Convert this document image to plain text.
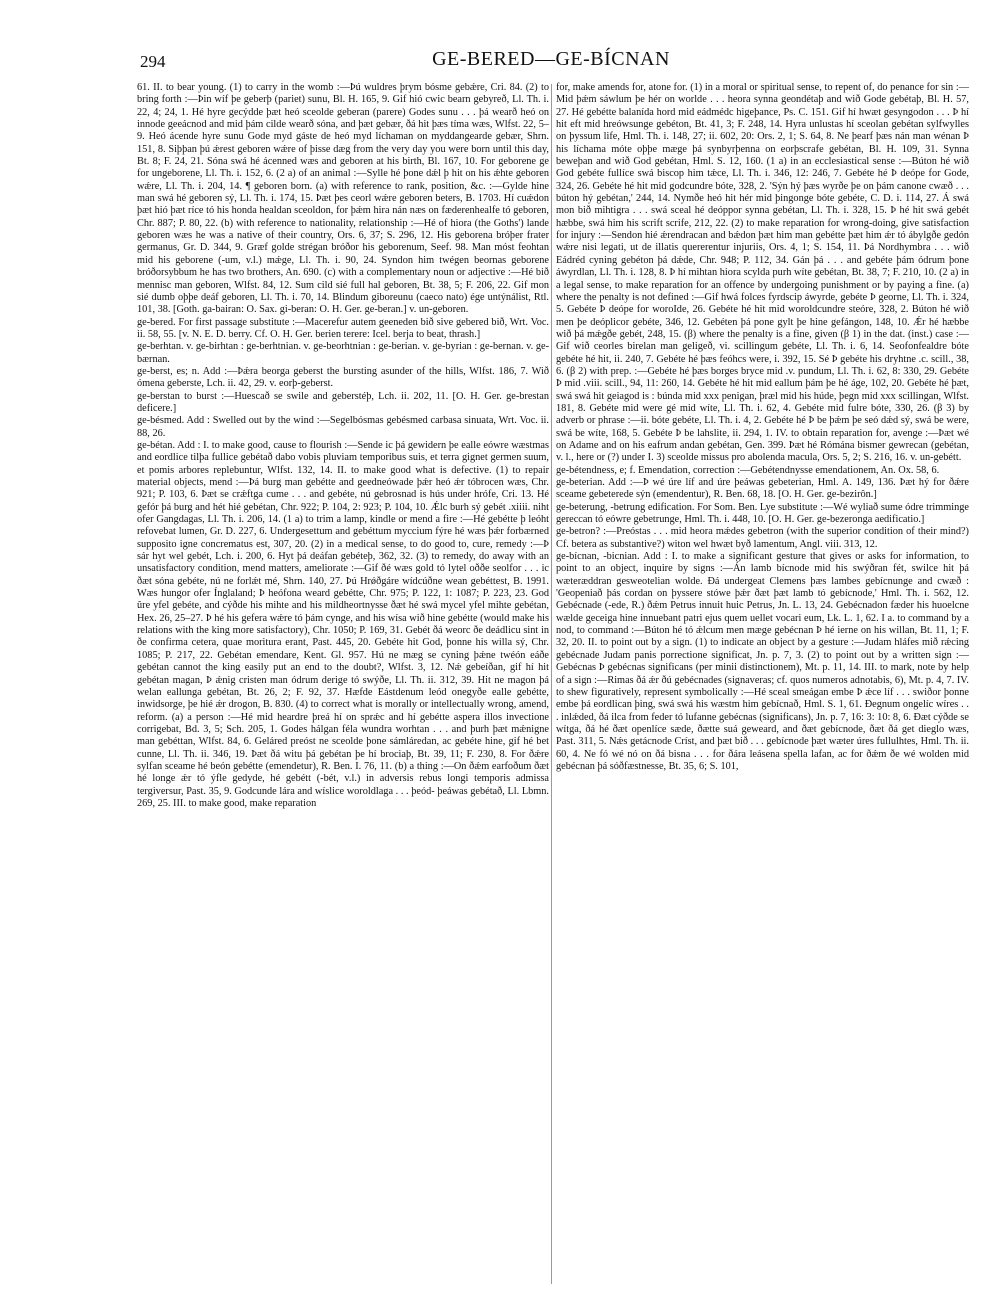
294	GE-BERED—GE-BÍCNAN

61. II. to bear young. (1) to carry in the womb :—Þú wuldres þrym bósme gebǽre, Cri. 84. (2) to bring forth :—Þin wíf þe geberþ (pariet) sunu, Bl. H. 165, 9. Gif hió cwic bearn gebyreð, Ll. Th. i. 22, 4; 24, 1. Hé hyre gecýdde þæt heó sceolde geberan (parere) Godes sunu . . . þá wearð heó on innode geeácnod and mid þám cilde wearð sóna, and þæt gebær, ðá hit þæs tíma wæs, Wlfst. 22, 5–9. Heó ácende hyre sunu Gode myd gáste de heó myd líchaman on myddangearde gebær, Shrn. 151, 8. Siþþan þú ǽrest geboren wǽre of þisse dæg from the very day you were born until this day, Bt. 8; F. 24, 21. Sóna swá hé ácenned wæs and geboren at his birth, Bl. 167, 10. For geborene ge for ungeborene, Ll. Th. i. 152, 6. (2 a) of an animal :—Sylle hé þone dǽl þ hit on his ǽhte geboren wǽre, Ll. Th. i. 204, 14. ¶ geboren born. (a) with reference to rank, position, &c. :—Gylde hine man swá hé geboren sý, Ll. Th. i. 174, 15. Þæt þes ceorl wǽre geboren beters, B. 1703. Hí cuǽdon þæt hió þæt ríce tó his honda healdan sceoldon, for þǽm hira nán næs on fæderenhealfe tó geboren, Chr. 887; P. 80, 22. (b) with reference to nationality, relationship :—Hé of hiora (the Goths') lande geboren wæs he was a native of their country, Ors. 6, 37; S. 296, 12. His geborena bróþer frater germanus, Gr. D. 344, 9. Græf golde strégan bróðor his geborenum, Seef. 98. Man móst feohtan mid his geborene (-um, v.l.) mǽge, Ll. Th. i. 90, 24. Syndon him twégen beornas geborene bróðorsybbum he has two brothers, An. 690. (c) with a complementary noun or adjective :—Hé bið mennisc man geboren, Wlfst. 84, 12. Sum cild sié full hal geboren, Bt. 38, 5; F. 206, 22. Gif mon sié dumb oþþe deáf geboren, Ll. Th. i. 70, 14. Blindum giboreunu (caeco nato) ége untýnálist, Rtl. 101, 38. [Goth. ga-bairan: O. Sax. gi-beran: O. H. Ger. ge-beran.] v. un-geboren.

ge-bered. For first passage substitute :—Macerefur autem geeneden bið sive gebered bið, Wrt. Voc. ii. 58, 55. [v. N. E. D. berry. Cf. O. H. Ger. berien terere: Icel. berja to beat, thrash.]

ge-berhtan. v. ge-birhtan : ge-berhtnian. v. ge-beorhtnian : ge-berian. v. ge-byrian : ge-bernan. v. ge-bærnan.

ge-berst, es; n. Add :—Þǽra beorga geberst the bursting asunder of the hills, Wlfst. 186, 7. Wið ómena geberste, Lch. ii. 42, 29. v. eorþ-geberst.

ge-berstan to burst :—Huescað se swile and geberstéþ, Lch. ii. 202, 11. [O. H. Ger. ge-brestan deficere.]

ge-bésmed. Add : Swelled out by the wind :—Segelbósmas gebésmed carbasa sinuata, Wrt. Voc. ii. 88, 26.

ge-bétan. Add : I. to make good, cause to flourish :—Sende ic þá gewidern þe ealle eówre wæstmas and eordlice tilþa fullice gebétað dabo vobis pluviam temporibus suis, et terra gignet germen suum, et pomis arbores replebuntur, Wlfst. 132, 14. II. to make good what is defective. (1) to repair material objects, mend :—Þá burg man gebétte and geedneówade þǽr heó ǽr tóbrocen wæs, Chr. 921; P. 103, 6. Þæt se crǽftga cume . . . and gebéte, nú gebrosnad is hús under hrófe, Cri. 13. Hé gefór þá burg and hét hié gebétan, Chr. 922; P. 104, 2: 923; P. 104, 10. Ǽlc burh sý gebét .xiiii. niht ofer Gangdagas, Ll. Th. i. 206, 14. (1 a) to trim a lamp, kindle or mend a fire :—Hé gebétte þ leóht refovebat lumen, Gr. D. 227, 6. Undergesettum and gebéttum myccium fýre hé wæs þǽr forbærned supposito igne concrematus est, 307, 20. (2) in a medical sense, to do good to, cure, remedy :—Þ sár hyt wel gebét, Lch. i. 200, 6. Hyt þá deáfan gebéteþ, 362, 32. (3) to remedy, do away with an unsatisfactory condition, mend matters, ameliorate :—Gif ðé wæs gold tó lytel oððe seolfor . . . ic ðæt sóna gebéte, nú ne forlǽt mé, Shrn. 140, 27. Þú Hrǿðgáre wídcúðne wean gebéttest, B. 1991. Wæs hungor ofer Ínglaland; Þ heófona weard gebétte, Chr. 975; P. 122, 1: 1087; P. 223, 23. God ûre yfel gebéte, and cýðde his mihte and his mildheortnysse ðæt hé swá mycel yfel mihte gebétan, Hex. 26, 25–27. Þ hé his gefera wǽre tó þám cynge, and his wísa wið hine gebétte (would make his relations with the king more satisfactory), Chr. 1050; P. 169, 31. Gebét ðá weorc ðe deádlicu sint in ðe confirma cetera, quae moritura erant, Past. 445, 20. Gebéte hit God, þonne his willa sý, Chr. 1085; P. 217, 22. Gebétan emendare, Kent. Gl. 957. Hú ne mæg se cyning þǽne twéón eáðe gebétan cannot the king easily put an end to the doubt?, Wlfst. 3, 12. Nǽ gebeíðan, gif hí hit gebétan magan, Þ ǽnig cristen man ódrum derige tó swýðe, Ll. Th. ii. 312, 39. Hit ne magon þá welan eallunga gebétan, Bt. 26, 2; F. 92, 37. Hæfde Eástdenum leód onegyðe ealle gebétte, inwidsorge, þe hié ǽr drogon, B. 830. (4) to correct what is morally or intellectually wrong, amend, reform. (a) a person :—Hé mid heardre þreá hí on sprǽc and hí gebétte aspera illos invectione corrigebat, Bd. 3, 5; Sch. 205, 1. Godes hálgan féla wundra worhtan . . . and þurh þæt mǽnigne man gebéttan, Wlfst. 84, 6. Geláred preóst ne sceolde þone sámláredan, ac gebéte hine, gif hé bet cunne, Ll. Th. ii. 346, 19. Þæt ðá witu þá gebétan þe hí brociaþ, Bt. 39, 11; F. 230, 8. For ðǽre sylfan sceame hé beón gebétte (emendetur), R. Ben. I. 76, 11. (b) a thing :—On ðǽm earfoðum ðæt hé longe ǽr tó ýfle gedyde, hé gebétt (-bét, v.l.) in adversis rebus longi temporis admissa tergiversur, Past. 35, 9. Godcunde lára and wíslice woroldlaga . . . þeód- þeáwas gebétað, Ll. Lbmn. 269, 25. III. to make good, make reparation

for, make amends for, atone for. (1) in a moral or spiritual sense, to repent of, do penance for sin :—Mid þǽm sáwlum þe hér on worlde . . . heora synna geondétaþ and wið Gode gebétaþ, Bl. H. 57, 27. Hé gebétte balanída hord mid eádmédc higeþance, Ps. C. 151. Gif hí hwæt gesyngodon . . . Þ hí hit eft mid hreówsunge gebéton, Bt. 41, 3; F. 248, 14. Hyra unlustas hí sceolan gebétan sylfwylles on þyssum life, Hml. Th. i. 148, 27; ii. 602, 20: Ors. 2, 1; S. 64, 8. Ne þearf þæs nán man wénan Þ his líchama móte oþþe mæge þá synbyrþenna on eorþscrafe gebétan, Bl. H. 109, 31. Synna beweþan and wið God gebétan, Hml. S. 12, 160. (1 a) in an ecclesiastical sense :—Búton hé wið God gebéte fullíce swá biscop him tǽce, Ll. Th. i. 346, 12: 246, 7. Gebéte hé Þ deópe for Gode, 324, 26. Gebéte hé hit mid godcundre bóte, 328, 2. 'Sýn hý þæs wyrðe þe on þám canone cwæð . . . búton hý gebétan,' 244, 14. Nymðe heó hit hér mid þingonge bóte gebéte, C. D. i. 114, 27. Á swá mon bið mihtigra . . . swá sceal hé deóppor synna gebétan, Ll. Th. i. 328, 15. Þ hé hit swá gebét hæbbe, swá him his scrift scrife, 212, 22. (2) to make reparation for wrong-doing, give satisfaction for injury :—Sendon hié ǽrendracan and bǽdon þæt him man gebétte þæt him ǽr tó ábylgðe gedón wǽre nisi legati, ut de illatis quererentur injuriis, Ors. 4, 1; S. 154, 11. Þá Nordhymbra . . . wið Eádréd cyning gebéton þá dǽde, Chr. 948; P. 112, 34. Gán þá . . . and gebéte þám ódrum þone áwyrdlan, Ll. Th. i. 128, 8. Þ hí mihtan hiora scylda purh wíte gebétan, Bt. 38, 7; F. 210, 10. (2 a) in a legal sense, to make reparation for an offence by undergoing punishment or by paying a fine. (a) where the penalty is not defined :—Gif hwá folces fyrdscip áwyrde, gebéte Þ georne, Ll. Th. i. 324, 5. Gebéte Þ deópe for woroIde, 26. Gebéte hé hit mid woroldcundre steóre, 328, 2. Búton hé wið men þe deóplicor gebéte, 346, 12. Gebéten þá pone gylt þe hine gefángon, 148, 10. Ǽr hé hæbbe wið þá mǽgðe gebét, 248, 15. (β) where the penalty is a fine, given (β 1) in the dat. (inst.) case :—Gif wið ceorles birelan man geligeð, vi. scillingum gebéte, Ll. Th. i. 6, 14. Seofonfealdre bóte gebéte hé hit, ii. 240, 7. Gebéte hé þæs feóhcs were, i. 392, 15. Sé Þ gebéte his dryhtne .c. scill., 38, 6. (β 2) with prep. :—Gebéte hé þæs borges bryce mid .v. pundum, Ll. Th. i. 62, 8: 330, 29. Gebéte Þ mid .viii. scill., 94, 11: 260, 14. Gebéte hé hit mid eallum þám þe hé áge, 102, 20. Gebéte hé þæt, swá swá hit geiagod is : búnda mid xxx penigan, þræl mid his húde, þegn mid xxx scillingan, Wlfst. 181, 8. Gebéte mid were gé mid wíte, Ll. Th. i. 62, 4. Gebéte mid fulre bóte, 330, 26. (β 3) by adverb or phrase :—ii. bóte gebéte, Ll. Th. i. 4, 2. Gebéte hé Þ be þǽm þe seó dǽd sý, swá be were, swá be wíte, 168, 5. Gebéte Þ be lahslite, ii. 294, 1. IV. to obtain reparation for, avenge :—Þæt wé on Adame and on his eafrum andan gebétan, Gen. 399. Þæt hé Rómána bismer gewrecan (gebétan, v. l., here or (?) under I. 3) sceolde missus pro abolenda macula, Ors. 5, 2; S. 216, 16. v. un-gebétt.

ge-bétendness, e; f. Emendation, correction :—Gebétendnysse emendationem, An. Ox. 58, 6.

ge-beterian. Add :—Þ wé úre líf and úre þeáwas gebeterian, Hml. A. 149, 136. Þæt hý for ðǽre sceame gebeterede sýn (emendentur), R. Ben. 68, 18. [O. H. Ger. ge-bezirôn.]

ge-beterung, -betrung edification. For Som. Ben. Lye substitute :—Wé wyliað sume ódre trimminge gereccan tó eówre gebetrunge, Hml. Th. i. 448, 10. [O. H. Ger. ge-bezeronga aedificatio.]

ge-betron? :—Preóstas . . . mid heora mǽdes gebetron (with the superior condition of their mind?) Cf. betera as substantive?) witon wel hwæt byð lamentum, Angl. viii. 313, 12.

ge-bícnan, -bicnian. Add : I. to make a significant gesture that gives or asks for information, to point to an object, inquire by signs :—Án lamb bícnode mid his swýðran fét, swilce hit þá wæteræddran gesweotelian wolde. Ðá undergeat Clemens þæs lambes gebícnunge and cwæð : 'Geopeniað þás cordan on þyssere stówe þǽr ðæt þæt lamb tó gebícnode,' Hml. Th. i. 562, 12. Gebécnade (-ede, R.) ðǽm Petrus innuit huic Petrus, Jn. L. 13, 24. Gebécnadon fæder his huoelcne wælde geceiga hine innuebant patri ejus quem uellet vocari eum, Lk. L. 1, 62. I a. to command by a nod, to command :—Búton hé tó ǽlcum men mæge gebécnan Þ hé ierne on his willan, Bt. 11, 1; F. 32, 20. II. to point out by a sign. (1) to indicate an object by a gesture :—Judam hláfes mið rǽcing gebécnade Judam panis porrectione significat, Jn. p. 7, 3. (2) to point out by a written sign :—Gebécnas Þ gebécnas significans (per minii distinctionem), Mt. p. 11, 14. III. to mark, note by help of a sign :—Rimas ðá ǽr ðú gebécnades (signaveras; cf. quos numeros adnotabis, 6), Mt. p. 4, 7. IV. to shew figuratively, represent symbolically :—Hé sceal smeágan embe Þ ǽce líf . . . swiðor þonne embe þá eordlican þing, swá swá his wæstm him gebícnað, Hml. S. 1, 61. Ðegnum ongelíc wíres . . . inlǽded, ðá ilca from feder tó lufanne gebécnas (significans), Jn. p. 7, 16: 3: 10: 8, 6. Ðæt cýðde se wítga, ðá hé ðæt openlíce sæde, ðætte suá geweard, and ðæt gebícnode, ðæt ðá get dieglo wæs, Past. 311, 5. Nǽs getácnode Críst, and þæt bið . . . gebícnode þæt wæter úres fullulhtes, Hml. Th. ii. 60, 4. Ne fó wé nó on ðá bisna . . . for ðára leásena spella lafan, ac for ðǽm ðe wé wolden mid gebécnan þá sóðfæstnesse, Bt. 35, 6; S. 101,
